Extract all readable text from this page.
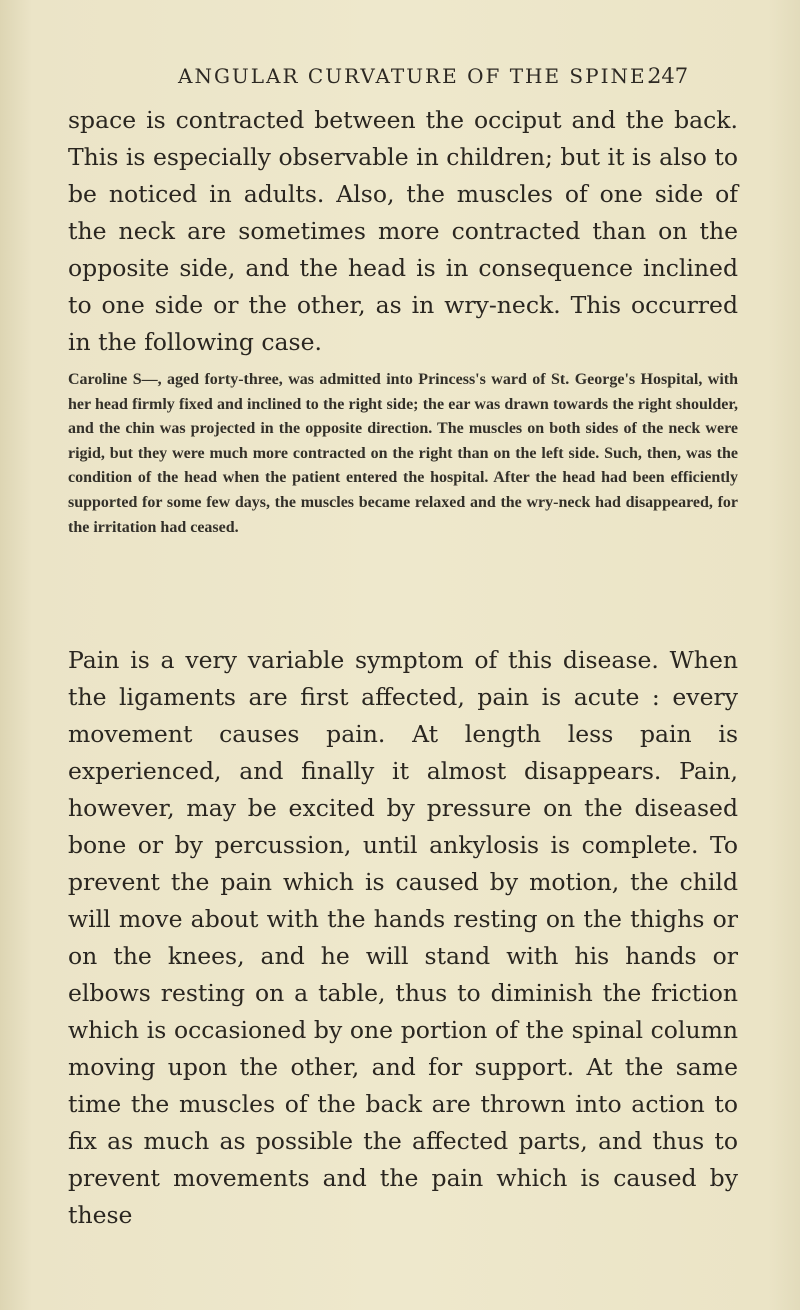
ANGULAR CURVATURE OF THE SPINE.
247

space is contracted between the occiput and the back. This is especially observable in children; but it is also to be noticed in adults. Also, the muscles of one side of the neck are sometimes more contracted than on the opposite side, and the head is in consequence inclined to one side or the other, as in wry-neck. This occurred in the following case.

Caroline S—, aged forty-three, was admitted into Princess's ward of St. George's Hospital, with her head firmly fixed and inclined to the right side; the ear was drawn towards the right shoulder, and the chin was projected in the opposite direction. The muscles on both sides of the neck were rigid, but they were much more contracted on the right than on the left side. Such, then, was the condition of the head when the patient entered the hospital. After the head had been efficiently supported for some few days, the muscles became relaxed and the wry-neck had disappeared, for the irritation had ceased.

Pain is a very variable symptom of this disease. When the ligaments are first affected, pain is acute : every movement causes pain. At length less pain is experienced, and finally it almost disappears. Pain, however, may be excited by pressure on the diseased bone or by percussion, until ankylosis is complete. To prevent the pain which is caused by motion, the child will move about with the hands resting on the thighs or on the knees, and he will stand with his hands or elbows resting on a table, thus to diminish the friction which is occasioned by one portion of the spinal column moving upon the other, and for support. At the same time the muscles of the back are thrown into action to fix as much as possible the affected parts, and thus to prevent movements and the pain which is caused by these
